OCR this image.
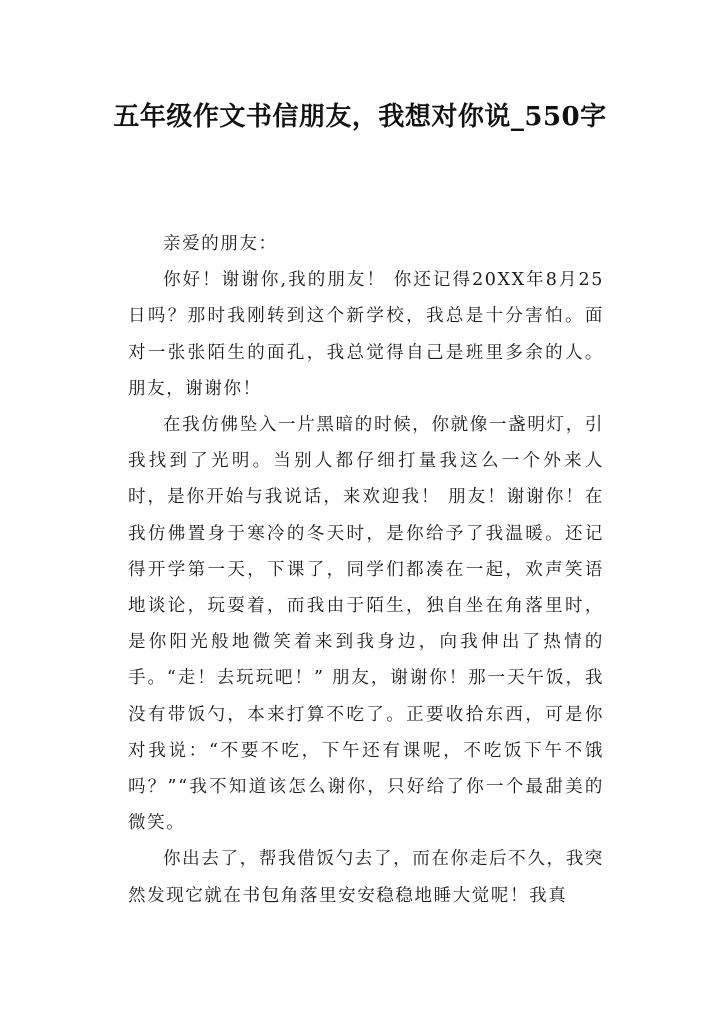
五年级作文书信朋友，我想对你说_550字

亲爱的朋友：

你好！谢谢你,我的朋友！ 你还记得20XX年8月25日吗？那时我刚转到这个新学校，我总是十分害怕。面对一张张陌生的面孔，我总觉得自己是班里多余的人。朋友，谢谢你！

在我仿佛坠入一片黑暗的时候，你就像一盏明灯，引我找到了光明。当别人都仔细打量我这么一个外来人时，是你开始与我说话，来欢迎我！ 朋友！谢谢你！在我仿佛置身于寒冷的冬天时，是你给予了我温暖。还记得开学第一天，下课了，同学们都凑在一起，欢声笑语地谈论，玩耍着，而我由于陌生，独自坐在角落里时，是你阳光般地微笑着来到我身边，向我伸出了热情的手。“走！去玩玩吧！” 朋友，谢谢你！那一天午饭，我没有带饭勺，本来打算不吃了。正要收拾东西，可是你对我说：“不要不吃，下午还有课呢，不吃饭下午不饿吗？”“我不知道该怎么谢你，只好给了你一个最甜美的微笑。

你出去了，帮我借饭勺去了，而在你走后不久，我突然发现它就在书包角落里安安稳稳地睡大觉呢！我真
